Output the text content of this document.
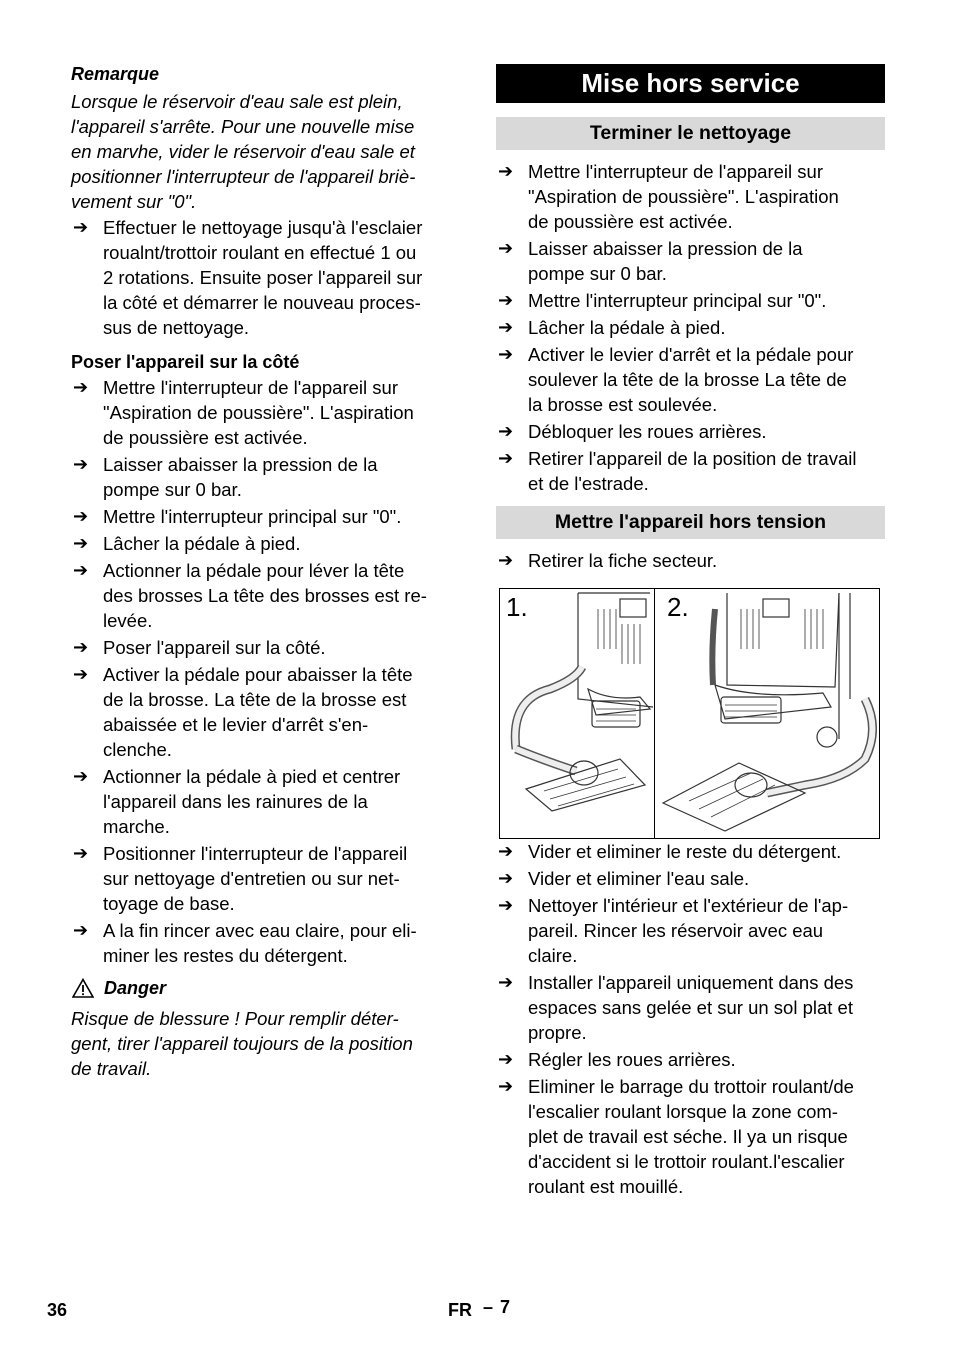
Remarque

Lorsque le réservoir d'eau sale est plein,
l'appareil s'arrête. Pour une nouvelle mise
en marvhe, vider le réservoir d'eau sale et
positionner l'interrupteur de l'appareil briè-
vement sur "0".

➔ Effectuer le nettoyage jusqu'à l'esclaier
roualnt/trottoir roulant en effectué 1 ou
2 rotations. Ensuite poser l'appareil sur
la côté et démarrer le nouveau proces-
sus de nettoyage.
Poser l'appareil sur la côté
➔ Mettre l'interrupteur de l'appareil sur
"Aspiration de poussière". L'aspiration
de poussière est activée.
➔ Laisser abaisser la pression de la
pompe sur 0 bar.
➔ Mettre l'interrupteur principal sur "0".
➔ Lâcher la pédale à pied.
➔ Actionner la pédale pour léver la tête
des brosses La tête des brosses est re-
levée.
➔ Poser l'appareil sur la côté.
➔ Activer la pédale pour abaisser la tête
de la brosse. La tête de la brosse est
abaissée et le levier d'arrêt s'en-
clenche.
➔ Actionner la pédale à pied et centrer
l'appareil dans les rainures de la
marche.
➔ Positionner l'interrupteur de l'appareil
sur nettoyage d'entretien ou sur net-
toyage de base.
➔ A la fin rincer avec eau claire, pour eli-
miner les restes du détergent.
Danger

Risque de blessure ! Pour remplir déter-
gent, tirer l'appareil toujours de la position
de travail.

Mise hors service
Terminer le nettoyage
➔ Mettre l'interrupteur de l'appareil sur
"Aspiration de poussière". L'aspiration
de poussière est activée.
➔ Laisser abaisser la pression de la
pompe sur 0 bar.
➔ Mettre l'interrupteur principal sur "0".
➔ Lâcher la pédale à pied.
➔ Activer le levier d'arrêt et la pédale pour
soulever la tête de la brosse La tête de
la brosse est soulevée.
➔ Débloquer les roues arrières.
➔ Retirer l'appareil de la position de travail
et de l'estrade.
Mettre l'appareil hors tension
➔ Retirer la fiche secteur.
1.	2.
➔ Vider et eliminer le reste du détergent.
➔ Vider et eliminer l'eau sale.
➔ Nettoyer l'intérieur et l'extérieur de l'ap-
pareil. Rincer les réservoir avec eau
claire.
➔ Installer l'appareil uniquement dans des
espaces sans gelée et sur un sol plat et
propre.
➔ Régler les roues arrières.
➔ Eliminer le barrage du trottoir roulant/de
l'escalier roulant lorsque la zone com-
plet de travail est séche. Il ya un risque
d'accident si le trottoir roulant.l'escalier
roulant est mouillé.
36	FR – 7
